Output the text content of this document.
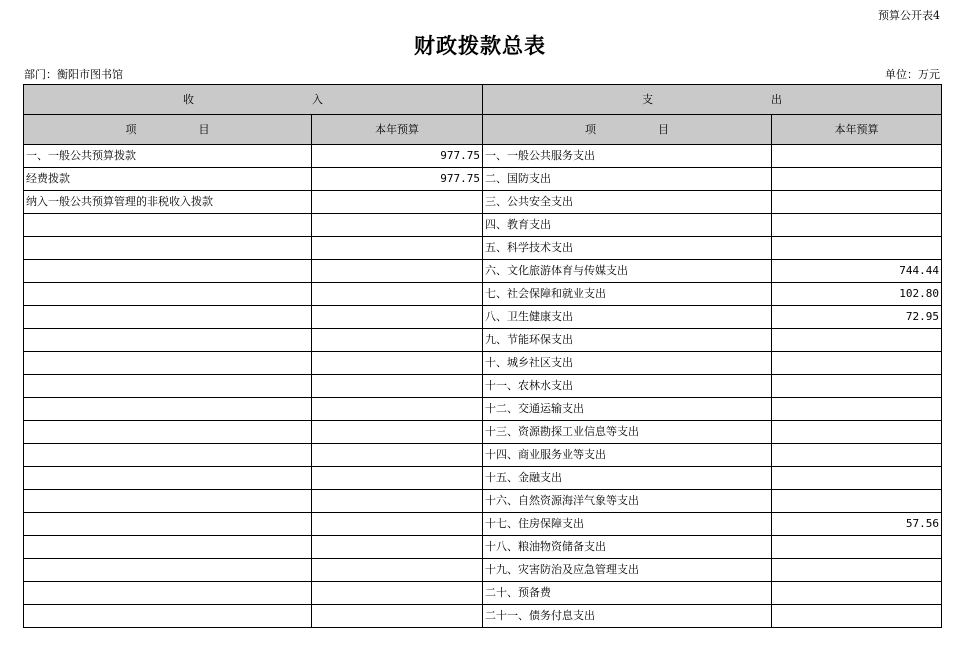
预算公开表4
财政拨款总表
部门：衡阳市图书馆	单位：万元
收 入		支 出	
项 目	本年预算	项 目	本年预算
一、一般公共预算拨款	977.75	一、一般公共服务支出	
经费拨款	977.75	二、国防支出	
纳入一般公共预算管理的非税收入拨款		三、公共安全支出	
		四、教育支出	
		五、科学技术支出	
		六、文化旅游体育与传媒支出	744.44
		七、社会保障和就业支出	102.80
		八、卫生健康支出	72.95
		九、节能环保支出	
		十、城乡社区支出	
		十一、农林水支出	
		十二、交通运输支出	
		十三、资源勘探工业信息等支出	
		十四、商业服务业等支出	
		十五、金融支出	
		十六、自然资源海洋气象等支出	
		十七、住房保障支出	57.56
		十八、粮油物资储备支出	
		十九、灾害防治及应急管理支出	
		二十、预备费	
		二十一、债务付息支出	
